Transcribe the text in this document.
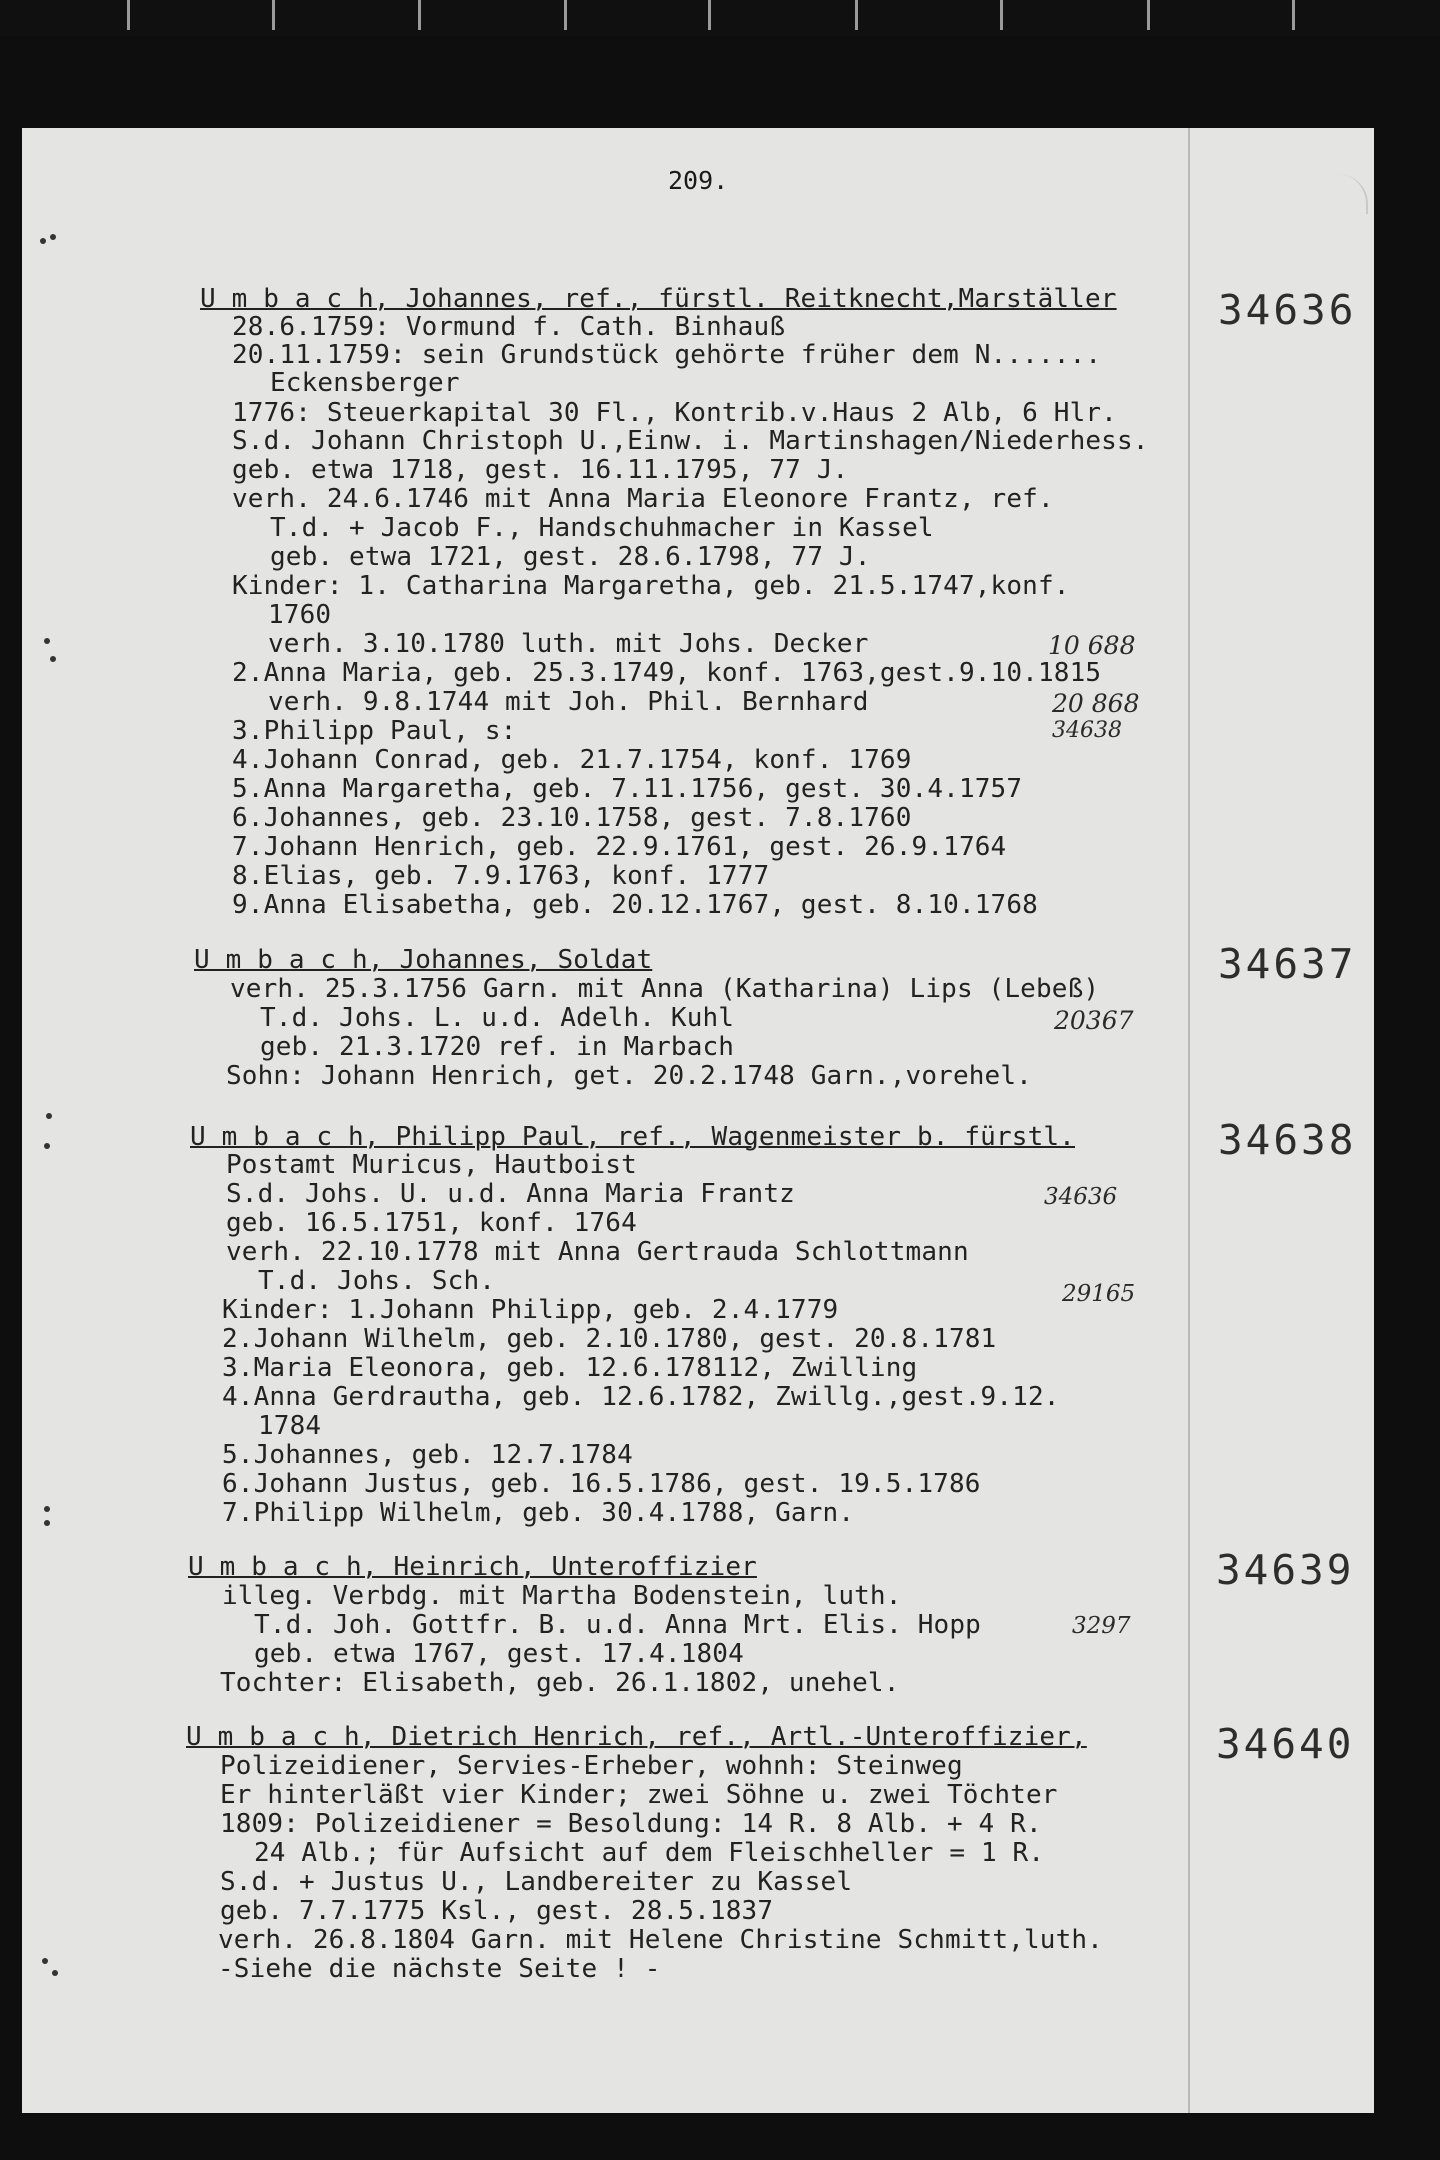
209.
U m b a c h, Johannes, ref., fürstl. Reitknecht,Marställer
28.6.1759: Vormund f. Cath. Binhauß
20.11.1759: sein Grundstück gehörte früher dem N.......
Eckensberger
1776: Steuerkapital 30 Fl., Kontrib.v.Haus 2 Alb, 6 Hlr.
S.d. Johann Christoph U.,Einw. i. Martinshagen/Niederhess.
geb. etwa 1718, gest. 16.11.1795, 77 J.
verh. 24.6.1746 mit Anna Maria Eleonore Frantz, ref.
T.d. + Jacob F., Handschuhmacher in Kassel
geb. etwa 1721, gest. 28.6.1798, 77 J.
Kinder: 1. Catharina Margaretha, geb. 21.5.1747,konf.
1760
verh. 3.10.1780 luth. mit Johs. Decker
2.Anna Maria, geb. 25.3.1749, konf. 1763,gest.9.10.1815
verh. 9.8.1744 mit Joh. Phil. Bernhard
3.Philipp Paul, s:
4.Johann Conrad, geb. 21.7.1754, konf. 1769
5.Anna Margaretha, geb. 7.11.1756, gest. 30.4.1757
6.Johannes, geb. 23.10.1758, gest. 7.8.1760
7.Johann Henrich, geb. 22.9.1761, gest. 26.9.1764
8.Elias, geb. 7.9.1763, konf. 1777
9.Anna Elisabetha, geb. 20.12.1767, gest. 8.10.1768
34636
10 688
20 868
34638
U m b a c h, Johannes, Soldat
verh. 25.3.1756 Garn. mit Anna (Katharina) Lips (Lebeß)
T.d. Johs. L. u.d. Adelh. Kuhl
geb. 21.3.1720 ref. in Marbach
Sohn: Johann Henrich, get. 20.2.1748 Garn.,vorehel.
34637
20367
U m b a c h, Philipp Paul, ref., Wagenmeister b. fürstl.
Postamt Muricus, Hautboist
S.d. Johs. U. u.d. Anna Maria Frantz
geb. 16.5.1751, konf. 1764
verh. 22.10.1778 mit Anna Gertrauda Schlottmann
T.d. Johs. Sch.
Kinder: 1.Johann Philipp, geb. 2.4.1779
2.Johann Wilhelm, geb. 2.10.1780, gest. 20.8.1781
3.Maria Eleonora, geb. 12.6.178112, Zwilling
4.Anna Gerdrautha, geb. 12.6.1782, Zwillg.,gest.9.12.
1784
5.Johannes, geb. 12.7.1784
6.Johann Justus, geb. 16.5.1786, gest. 19.5.1786
7.Philipp Wilhelm, geb. 30.4.1788, Garn.
34638
34636
29165
U m b a c h, Heinrich, Unteroffizier
illeg. Verbdg. mit Martha Bodenstein, luth.
T.d. Joh. Gottfr. B. u.d. Anna Mrt. Elis. Hopp
geb. etwa 1767, gest. 17.4.1804
Tochter: Elisabeth, geb. 26.1.1802, unehel.
34639
3297
U m b a c h, Dietrich Henrich, ref., Artl.-Unteroffizier,
Polizeidiener, Servies-Erheber, wohnh: Steinweg
Er hinterläßt vier Kinder; zwei Söhne u. zwei Töchter
1809: Polizeidiener = Besoldung: 14 R. 8 Alb. + 4 R.
24 Alb.; für Aufsicht auf dem Fleischheller = 1 R.
S.d. + Justus U., Landbereiter zu Kassel
geb. 7.7.1775 Ksl., gest. 28.5.1837
verh. 26.8.1804 Garn. mit Helene Christine Schmitt,luth.
-Siehe die nächste Seite ! -
34640
